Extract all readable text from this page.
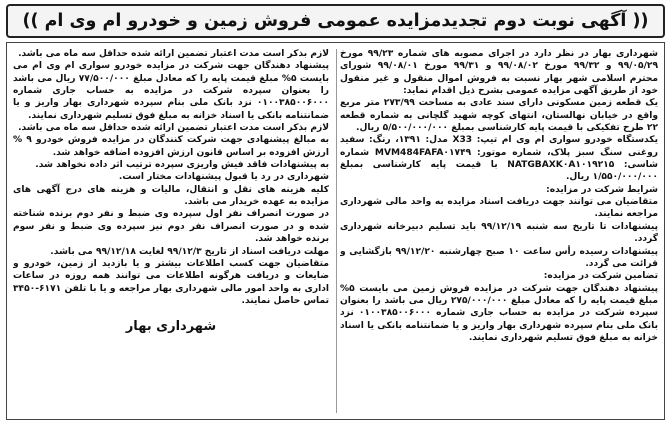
(( آگهی نوبت دوم تجدیدمزایده عمومی فروش زمین و خودرو ام وی ام ))
شهرداری بهار در نظر دارد در اجرای مصوبه های شماره ۹۹/۲۳ مورخ ۹۹/۰۵/۲۹ و ۹۹/۳۲ مورخ ۹۹/۰۸/۰۲ و ۹۹/۳۱ مورخ ۹۹/۰۸/۰۱ شورای محترم اسلامی شهر بهار نسبت به فروش اموال منقول و غیر منقول خود از طریق آگهی مزایده عمومی بشرح ذیل اقدام نماید:
یک قطعه زمین مسکونی دارای سند عادی به مساحت ۲۷۳/۹۹ متر مربع واقع در خیابان نهالستان، انتهای کوچه شهید گلچانی به شماره قطعه ۲۲ طرح تفکیکی با قیمت پایه کارشناسی بمبلغ ۵/۵۰۰/۰۰۰/۰۰۰ ریال.
یکدستگاه خودرو سواری ام وی ام تیپ: X33 مدل: ۱۳۹۱، رنگ: سفید روغنی سنگ سبز پلاک، شماره موتور: MVM484FAFA۰۱۷۴۹ شماره شاسی: NATGBAXK۰A۱۰۱۹۲۱۵ با قیمت پایه کارشناسی بمبلغ ۱/۵۵۰/۰۰۰/۰۰۰ ریال.
شرایط شرکت در مزایده:
متقاضیان می توانند جهت دریافت اسناد مزایده به واحد مالی شهرداری مراجعه نمایند.
پیشنهادات تا تاریخ سه شنبه ۹۹/۱۲/۱۹ باید تسلیم دبیرخانه شهرداری گردد.
پیشنهادات رسیده رأس ساعت ۱۰ صبح چهارشنبه ۹۹/۱۲/۲۰ بازگشایی و قرائت می گردد.
تضامین شرکت در مزایده:
پیشنهاد دهندگان جهت شرکت در مزایده فروش زمین می بایست ۵% مبلغ قیمت پایه را که معادل مبلغ ۲۷۵/۰۰۰/۰۰۰ ریال می باشد را بعنوان سپرده شرکت در مزایده به حساب جاری شماره ۰۱۰۰۳۸۵۰۰۶۰۰۰ نزد بانک ملی بنام سپرده شهرداری بهار واریز و یا ضمانتنامه بانکی یا اسناد خزانه به مبلغ فوق تسلیم شهرداری نمایند.
لازم بذکر است مدت اعتبار تضمین ارائه شده حداقل سه ماه می باشد.
پیشنهاد دهندگان جهت شرکت در مزایده خودرو سواری ام وی ام می بایست ۵% مبلغ قیمت پایه را که معادل مبلغ ۷۷/۵۰۰/۰۰۰ ریال می باشد را بعنوان سپرده شرکت در مزایده به حساب جاری شماره ۰۱۰۰۳۸۵۰۰۶۰۰۰ نزد بانک ملی بنام سپرده شهرداری بهار واریز و یا ضمانتنامه بانکی یا اسناد خزانه به مبلغ فوق تسلیم شهرداری نمایند.
لازم بذکر است مدت اعتبار تضمین ارائه شده حداقل سه ماه می باشد.
به مبالغ پیشنهادی جهت شرکت کنندگان در مزایده فروش خودرو ۹ % ارزش افزوده بر اساس قانون ارزش افزوده اضافه خواهد شد.
به پیشنهادات فاقد فیش واریزی سپرده ترتیب اثر داده نخواهد شد.
شهرداری در رد یا قبول پیشنهادات مختار است.
کلیه هزینه های نقل و انتقال، مالیات و هزینه های درج آگهی های مزایده به عهده خریدار می باشد.
در صورت انصراف نفر اول سپرده وی ضبط و نفر دوم برنده شناخته شده و در صورت انصراف نفر دوم نیز سپرده وی ضبط و نفر سوم برنده خواهد شد.
مهلت دریافت اسناد از تاریخ ۹۹/۱۲/۳ لغایت ۹۹/۱۲/۱۸ می باشد.
متقاضیان جهت کسب اطلاعات بیشتر و یا بازدید از زمین، خودرو و ضایعات و دریافت هرگونه اطلاعات می توانند همه روزه در ساعات اداری به واحد امور مالی شهرداری بهار مراجعه و یا با تلفن ۶۱۷۱-۳۴۵۰ تماس حاصل نمایند.
شهرداری بهار
